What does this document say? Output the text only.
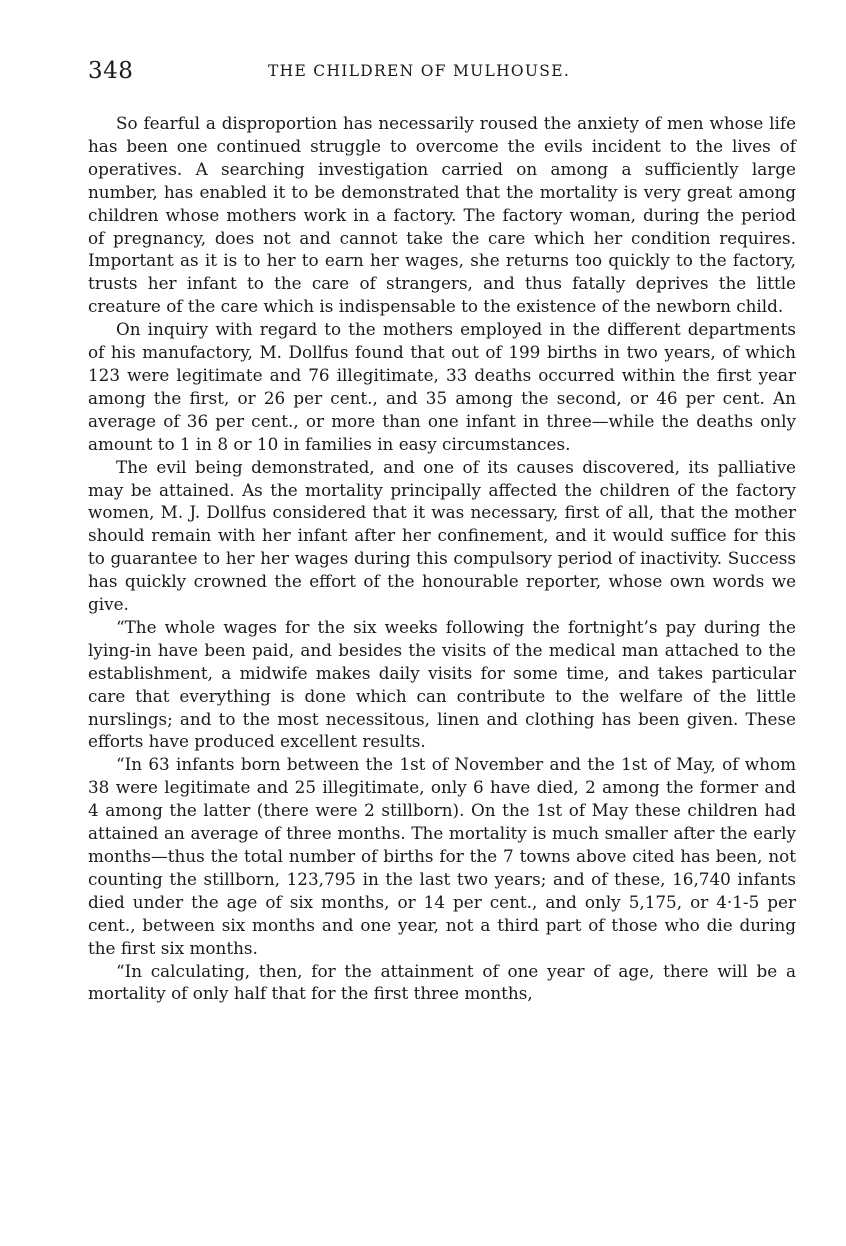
348	THE CHILDREN OF MULHOUSE.

So fearful a disproportion has necessarily roused the anxiety of men whose life has been one continued struggle to overcome the evils incident to the lives of operatives. A searching investigation carried on among a sufficiently large number, has enabled it to be demonstrated that the mortality is very great among children whose mothers work in a factory. The factory woman, during the period of pregnancy, does not and cannot take the care which her condition requires. Important as it is to her to earn her wages, she returns too quickly to the factory, trusts her infant to the care of strangers, and thus fatally deprives the little creature of the care which is indispensable to the existence of the newborn child.

On inquiry with regard to the mothers employed in the different departments of his manufactory, M. Dollfus found that out of 199 births in two years, of which 123 were legitimate and 76 illegitimate, 33 deaths occurred within the first year among the first, or 26 per cent., and 35 among the second, or 46 per cent. An average of 36 per cent., or more than one infant in three—while the deaths only amount to 1 in 8 or 10 in families in easy circumstances.

The evil being demonstrated, and one of its causes discovered, its palliative may be attained. As the mortality principally affected the children of the factory women, M. J. Dollfus considered that it was necessary, first of all, that the mother should remain with her infant after her confinement, and it would suffice for this to guarantee to her her wages during this compulsory period of inactivity. Success has quickly crowned the effort of the honourable reporter, whose own words we give.

“The whole wages for the six weeks following the fortnight’s pay during the lying-in have been paid, and besides the visits of the medical man attached to the establishment, a midwife makes daily visits for some time, and takes particular care that everything is done which can contribute to the welfare of the little nurslings; and to the most necessitous, linen and clothing has been given. These efforts have produced excellent results.

“In 63 infants born between the 1st of November and the 1st of May, of whom 38 were legitimate and 25 illegitimate, only 6 have died, 2 among the former and 4 among the latter (there were 2 stillborn). On the 1st of May these children had attained an average of three months. The mortality is much smaller after the early months—thus the total number of births for the 7 towns above cited has been, not counting the stillborn, 123,795 in the last two years; and of these, 16,740 infants died under the age of six months, or 14 per cent., and only 5,175, or 4·1-5 per cent., between six months and one year, not a third part of those who die during the first six months.

“In calculating, then, for the attainment of one year of age, there will be a mortality of only half that for the first three months,
